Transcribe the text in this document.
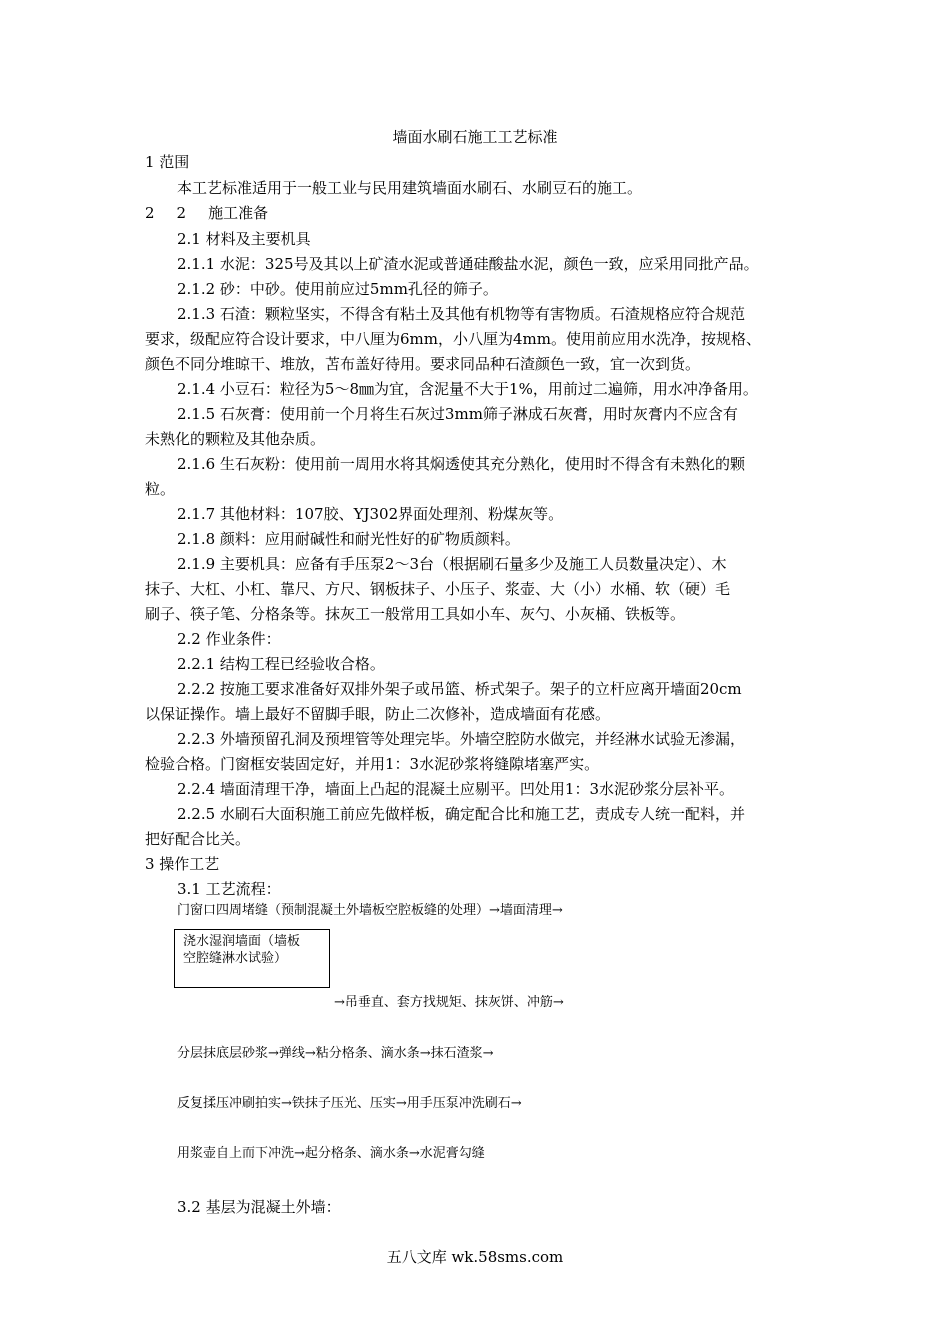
墙面水刷石施工工艺标准
1 范围
本工艺标准适用于一般工业与民用建筑墙面水刷石、水刷豆石的施工。
2 2 施工准备
2.1 材料及主要机具
2.1.1 水泥：325号及其以上矿渣水泥或普通硅酸盐水泥，颜色一致，应采用同批产品。
2.1.2 砂：中砂。使用前应过5mm孔径的筛子。
2.1.3 石渣：颗粒坚实，不得含有粘土及其他有机物等有害物质。石渣规格应符合规范
要求，级配应符合设计要求，中八厘为6mm，小八厘为4mm。使用前应用水洗净，按规格、
颜色不同分堆晾干、堆放，苫布盖好待用。要求同品种石渣颜色一致，宜一次到货。
2.1.4 小豆石：粒径为5～8㎜为宜，含泥量不大于1%，用前过二遍筛，用水冲净备用。
2.1.5 石灰膏：使用前一个月将生石灰过3mm筛子淋成石灰膏，用时灰膏内不应含有
未熟化的颗粒及其他杂质。
2.1.6 生石灰粉：使用前一周用水将其焖透使其充分熟化，使用时不得含有未熟化的颗
粒。
2.1.7 其他材料：107胶、YJ302界面处理剂、粉煤灰等。
2.1.8 颜料：应用耐碱性和耐光性好的矿物质颜料。
2.1.9 主要机具：应备有手压泵2～3台（根据刷石量多少及施工人员数量决定）、木
抹子、大杠、小杠、靠尺、方尺、钢板抹子、小压子、浆壶、大（小）水桶、软（硬）毛
刷子、筷子笔、分格条等。抹灰工一般常用工具如小车、灰勺、小灰桶、铁板等。
2.2 作业条件：
2.2.1 结构工程已经验收合格。
2.2.2 按施工要求准备好双排外架子或吊篮、桥式架子。架子的立杆应离开墙面20cm
以保证操作。墙上最好不留脚手眼，防止二次修补，造成墙面有花感。
2.2.3 外墙预留孔洞及预埋管等处理完毕。外墙空腔防水做完，并经淋水试验无渗漏，
检验合格。门窗框安装固定好，并用1：3水泥砂浆将缝隙堵塞严实。
2.2.4 墙面清理干净，墙面上凸起的混凝土应剔平。凹处用1：3水泥砂浆分层补平。
2.2.5 水刷石大面积施工前应先做样板，确定配合比和施工艺，责成专人统一配料，并
把好配合比关。
3 操作工艺
3.1 工艺流程：
门窗口四周堵缝（预制混凝土外墙板空腔板缝的处理）→墙面清理→
浇水湿润墙面（墙板
空腔缝淋水试验）
→吊垂直、套方找规矩、抹灰饼、冲筋→
分层抹底层砂浆→弹线→粘分格条、滴水条→抹石渣浆→
反复揉压冲刷拍实→铁抹子压光、压实→用手压泵冲洗刷石→
用浆壶自上而下冲洗→起分格条、滴水条→水泥膏勾缝
3.2 基层为混凝土外墙：
五八文库 wk.58sms.com
